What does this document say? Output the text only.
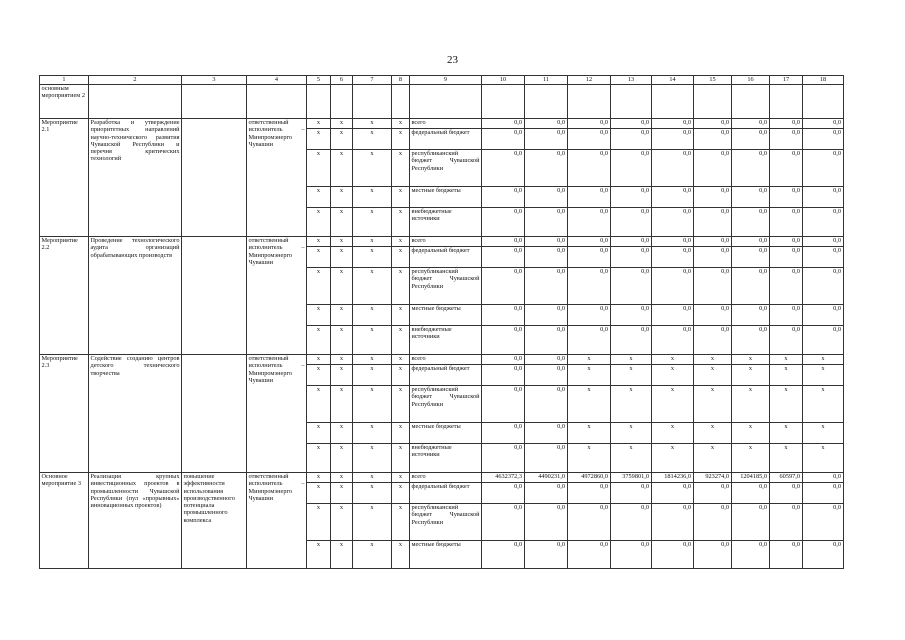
23
1	2	3	4	5	6	7	8	9	10	11	12	13	14	15	16	17	18
основным мероприятием 2																	
Мероприятие 2.1	Разработка и утверждение приоритетных направлений научно-технического развития Чувашской Республики и перечня критических технологий		ответственный исполнитель – Минпромэнерго Чувашии	x	x	x	x	всего	0,0	0,0	0,0	0,0	0,0	0,0	0,0	0,0	0,0
				x	x	x	x	федеральный бюджет	0,0	0,0	0,0	0,0	0,0	0,0	0,0	0,0	0,0
				x	x	x	x	республиканский бюджет Чувашской Республики	0,0	0,0	0,0	0,0	0,0	0,0	0,0	0,0	0,0
				x	x	x	x	местные бюджеты	0,0	0,0	0,0	0,0	0,0	0,0	0,0	0,0	0,0
				x	x	x	x	внебюджетные источники	0,0	0,0	0,0	0,0	0,0	0,0	0,0	0,0	0,0
Мероприятие 2.2	Проведение технологического аудита организаций обрабатывающих производств		ответственный исполнитель – Минпромэнерго Чувашии	x	x	x	x	всего	0,0	0,0	0,0	0,0	0,0	0,0	0,0	0,0	0,0
				x	x	x	x	федеральный бюджет	0,0	0,0	0,0	0,0	0,0	0,0	0,0	0,0	0,0
				x	x	x	x	республиканский бюджет Чувашской Республики	0,0	0,0	0,0	0,0	0,0	0,0	0,0	0,0	0,0
				x	x	x	x	местные бюджеты	0,0	0,0	0,0	0,0	0,0	0,0	0,0	0,0	0,0
				x	x	x	x	внебюджетные источники	0,0	0,0	0,0	0,0	0,0	0,0	0,0	0,0	0,0
Мероприятие 2.3	Содействие созданию центров детского технического творчества		ответственный исполнитель – Минпромэнерго Чувашии	x	x	x	x	всего	0,0	0,0	x	x	x	x	x	x	x
				x	x	x	x	федеральный бюджет	0,0	0,0	x	x	x	x	x	x	x
				x	x	x	x	республиканский бюджет Чувашской Республики	0,0	0,0	x	x	x	x	x	x	x
				x	x	x	x	местные бюджеты	0,0	0,0	x	x	x	x	x	x	x
				x	x	x	x	внебюджетные источники	0,0	0,0	x	x	x	x	x	x	x
Основное мероприятие 3	Реализация крупных инвестиционных проектов в промышленности Чувашской Республики (пул «прорывных» инновационных проектов)	повышение эффективности использования производственного потенциала промышленного комплекса	ответственный исполнитель – Минпромэнерго Чувашии	x	x	x	x	всего	4632372,3	4490231,0	4972860,0	3759801,0	1814236,0	923274,0	1204185,0	60597,0	0,0
				x	x	x	x	федеральный бюджет	0,0	0,0	0,0	0,0	0,0	0,0	0,0	0,0	0,0
				x	x	x	x	республиканский бюджет Чувашской Республики	0,0	0,0	0,0	0,0	0,0	0,0	0,0	0,0	0,0
				x	x	x	x	местные бюджеты	0,0	0,0	0,0	0,0	0,0	0,0	0,0	0,0	0,0
